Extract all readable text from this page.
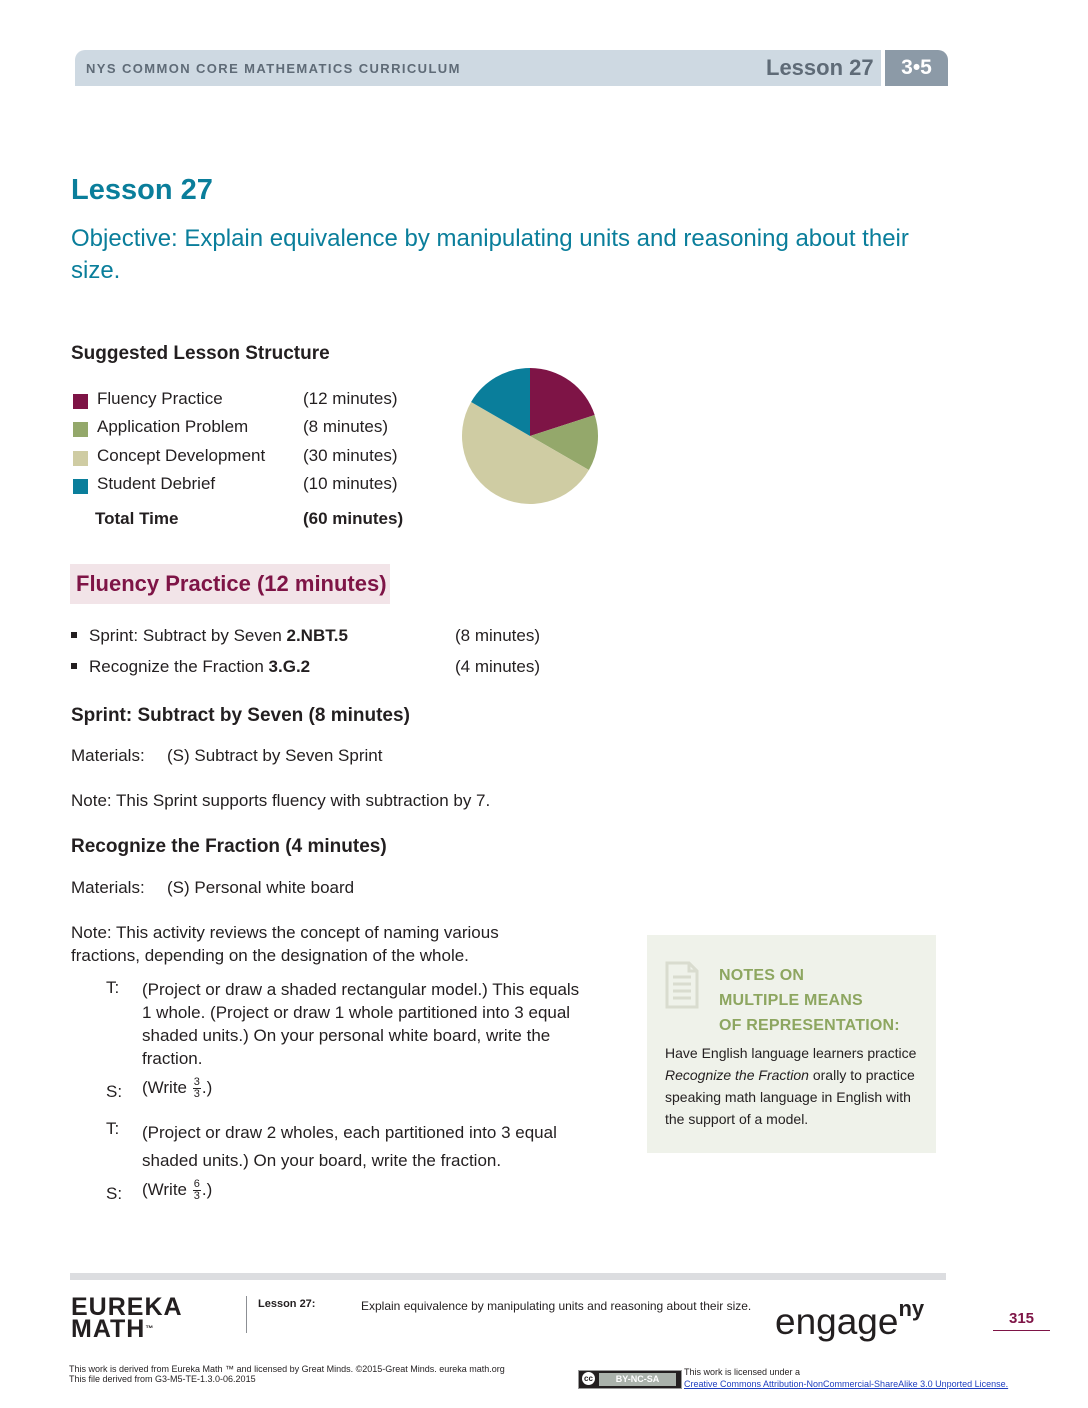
NYS COMMON CORE MATHEMATICS CURRICULUM	Lesson 27	3•5
Lesson 27
Objective: Explain equivalence by manipulating units and reasoning about their size.
Suggested Lesson Structure
Fluency Practice	(12 minutes)
Application Problem	(8 minutes)
Concept Development (30 minutes)
Student Debrief	(10 minutes)
Total Time	(60 minutes)
Fluency Practice (12 minutes)
Sprint: Subtract by Seven 2.NBT.5	(8 minutes)
Recognize the Fraction 3.G.2	(4 minutes)
Sprint: Subtract by Seven (8 minutes)
Materials: (S) Subtract by Seven Sprint
Note: This Sprint supports fluency with subtraction by 7.
Recognize the Fraction (4 minutes)
Materials: (S) Personal white board
Note: This activity reviews the concept of naming various fractions, depending on the designation of the whole.
T: (Project or draw a shaded rectangular model.) This equals 1 whole. (Project or draw 1 whole partitioned into 3 equal shaded units.) On your personal white board, write the fraction.
S: (Write $\frac{3}{3}$ .)
T: (Project or draw 2 wholes, each partitioned into 3 equal shaded units.) On your board, write the fraction.
S: (Write $\frac{6}{3}$ .)
NOTES ON
MULTIPLE MEANS
OF REPRESENTATION:
Have English language learners practice Recognize the Fraction orally to practice speaking math language in English with the support of a model.
EUREKA
MATH™
Lesson 27:	Explain equivalence by manipulating units and reasoning about their size. engage$^{ny}$	315
This work is derived from Eureka Math ™ and licensed by Great Minds. ©2015-Great Minds. eureka math.org
This file derived from G3-M5-TE-1.3.0-06.2015	cc	BY-NC-SA
This work is licensed under a
Creative Commons Attribution-NonCommercial-ShareAlike 3.0 Unported License.
